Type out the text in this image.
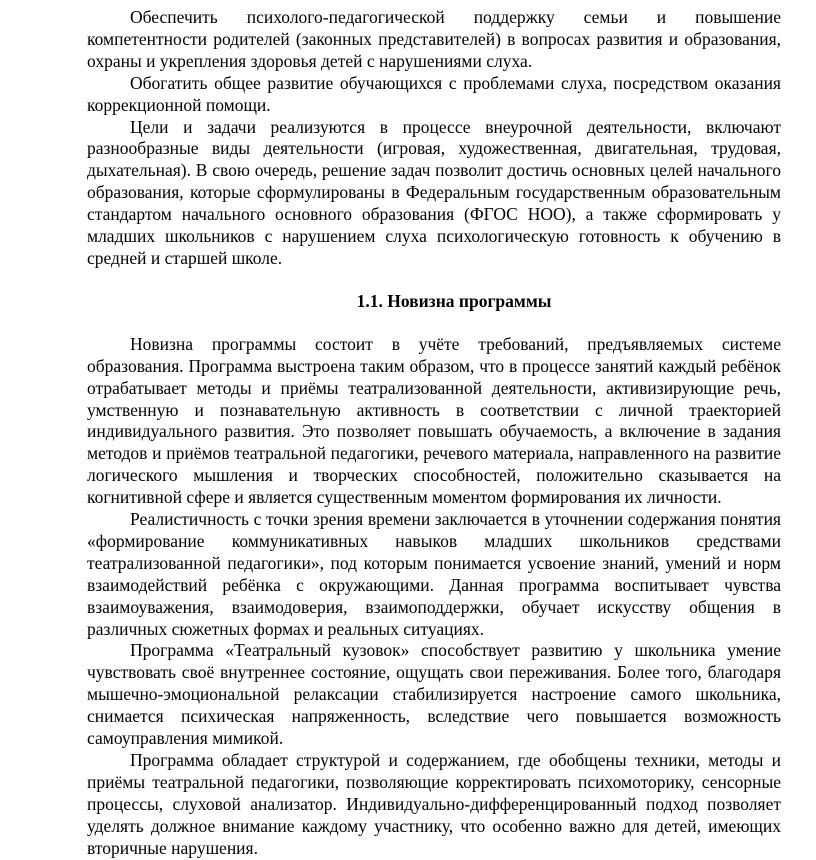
Обеспечить психолого-педагогической поддержку семьи и повышение компетентности родителей (законных представителей) в вопросах развития и образования, охраны и укрепления здоровья детей с нарушениями слуха.

Обогатить общее развитие обучающихся с проблемами слуха, посредством оказания коррекционной помощи.

Цели и задачи реализуются в процессе внеурочной деятельности, включают разнообразные виды деятельности (игровая, художественная, двигательная, трудовая, дыхательная). В свою очередь, решение задач позволит достичь основных целей начального образования, которые сформулированы в Федеральным государственным образовательным стандартом начального основного образования (ФГОС НОО), а также сформировать у младших школьников с нарушением слуха психологическую готовность к обучению в средней и старшей школе.

1.1. Новизна программы

Новизна программы состоит в учёте требований, предъявляемых системе образования. Программа выстроена таким образом, что в процессе занятий каждый ребёнок отрабатывает методы и приёмы театрализованной деятельности, активизирующие речь, умственную и познавательную активность в соответствии с личной траекторией индивидуального развития. Это позволяет повышать обучаемость, а включение в задания методов и приёмов театральной педагогики, речевого материала, направленного на развитие логического мышления и творческих способностей, положительно сказывается на когнитивной сфере и является существенным моментом формирования их личности.

Реалистичность с точки зрения времени заключается в уточнении содержания понятия «формирование коммуникативных навыков младших школьников средствами театрализованной педагогики», под которым понимается усвоение знаний, умений и норм взаимодействий ребёнка с окружающими. Данная программа воспитывает чувства взаимоуважения, взаимодоверия, взаимоподдержки, обучает искусству общения в различных сюжетных формах и реальных ситуациях.

Программа «Театральный кузовок» способствует развитию у школьника умение чувствовать своё внутреннее состояние, ощущать свои переживания. Более того, благодаря мышечно-эмоциональной релаксации стабилизируется настроение самого школьника, снимается психическая напряженность, вследствие чего повышается возможность самоуправления мимикой.

Программа обладает структурой и содержанием, где обобщены техники, методы и приёмы театральной педагогики, позволяющие корректировать психомоторику, сенсорные процессы, слуховой анализатор. Индивидуально-дифференцированный подход позволяет уделять должное внимание каждому участнику, что особенно важно для детей, имеющих вторичные нарушения.
